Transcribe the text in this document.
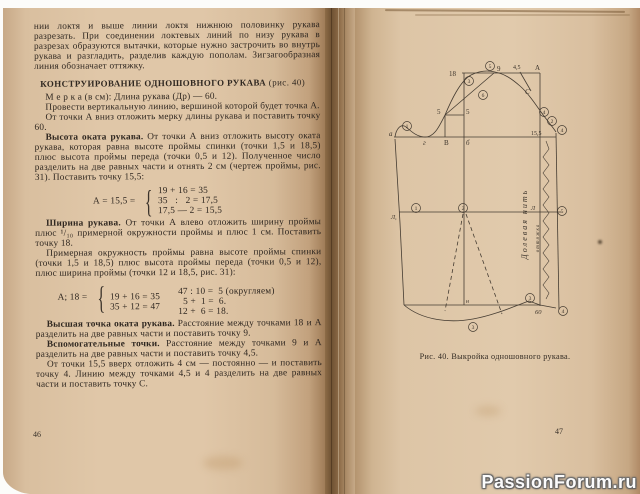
нии локтя и выше линии локтя нижнюю половинку рукава разрезать. При соединении локтевых линий по низу рукава в разрезах образуются вытачки, которые нужно застрочить во внутрь рукава и разгладить, разделив каждую пополам. Зигзагообразная линия обозначает оттяжку.

КОНСТРУИРОВАНИЕ ОДНОШОВНОГО РУКАВА (рис. 40)

М е р к а (в см): Длина рукава (Др) — 60.

Провести вертикальную линию, вершиной которой будет точка А.

От точки А вниз отложить мерку длины рукава и поставить точку 60.

Высота оката рукава. От точки А вниз отложить высоту оката рукава, которая равна высоте проймы спинки (точки 1,5 и 18,5) плюс высота проймы переда (точки 0,5 и 12). Полученное число разделить на две равных части и отнять 2 см (чертеж проймы, рис. 31). Поставить точку 15,5:

А = 15,5 = { 19 + 16 = 35
35   :   2 = 17,5
17,5 — 2 = 15,5

Ширина рукава. От точки А влево отложить ширину проймы плюс ¹/₁₀ примерной окружности проймы и плюс 1 см. Поставить точку 18.

Примерная окружность проймы равна высоте проймы спинки (точки 1,5 и 18,5) плюс высота проймы переда (точки 0,5 и 12), плюс ширина проймы (точки 12 и 18,5, рис. 31):

А; 18 = { 19 + 16 = 35
35 + 12 = 47
47 : 10 =  5 (округляем)
5 +  1 =  6.
12 +  6 = 18.

Высшая точка оката рукава. Расстояние между точками 18 и А разделить на две равных части и поставить точку 9.

Вспомогательные точки. Расстояние между точками 9 и А разделить на две равных части и поставить точку 4,5.

От точки 15,5 вверх отложить 4 см — постоянно — и поставить точку 4. Линию между точками 4,5 и 4 разделить на две равных части и поставить точку С.

46
18
9 4,5 А
С
15,5
5	5
а
г	В б
Л,
Л
н
60
Долевая нить оттяжка
1
3
5
6
4
2
4
1	2	5
3
4
3
Рис. 40. Выкройка одношовного рукава.
47
PassionForum.ru
